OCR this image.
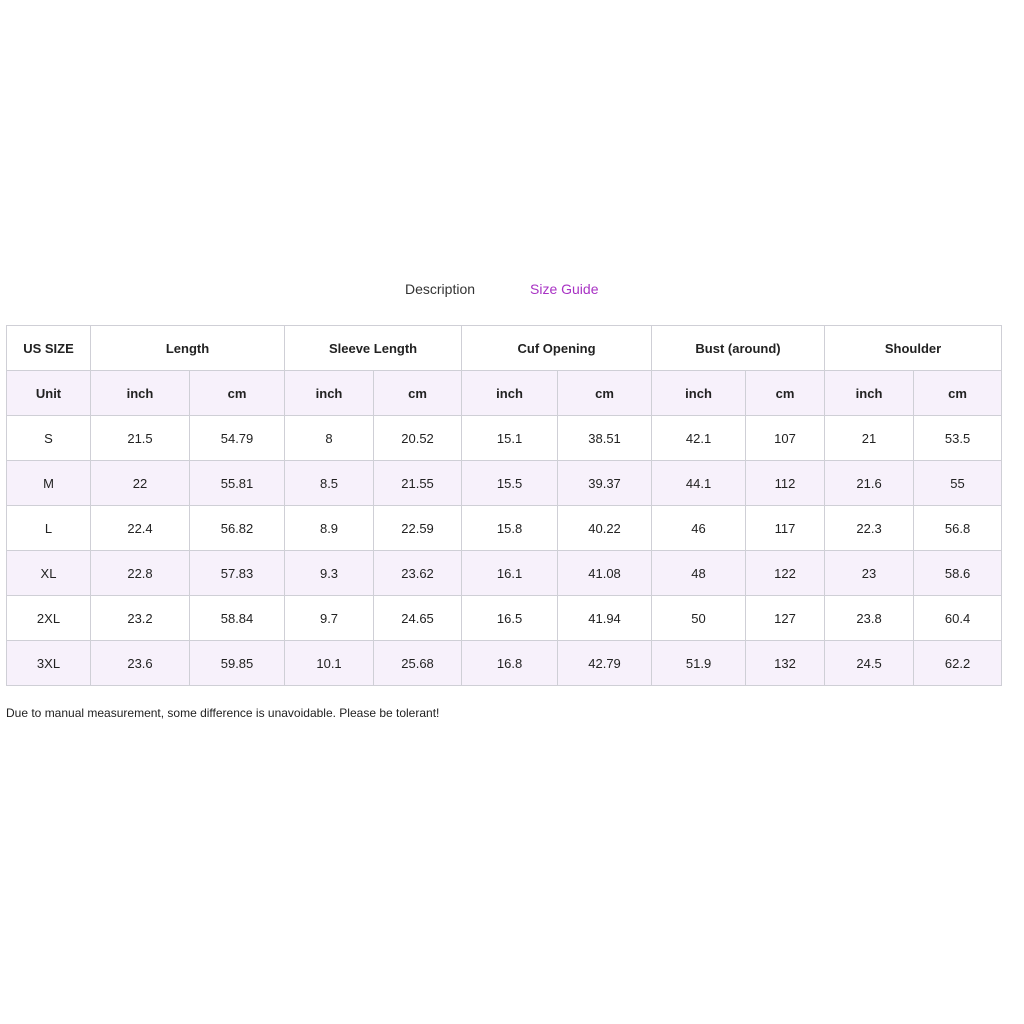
Description	Size Guide
US SIZE	Length		Sleeve Length		Cuf Opening		Bust (around)		Shoulder	
Unit	inch	cm	inch	cm	inch	cm	inch	cm	inch	cm
S	21.5	54.79	8	20.52	15.1	38.51	42.1	107	21	53.5
M	22	55.81	8.5	21.55	15.5	39.37	44.1	112	21.6	55
L	22.4	56.82	8.9	22.59	15.8	40.22	46	117	22.3	56.8
XL	22.8	57.83	9.3	23.62	16.1	41.08	48	122	23	58.6
2XL	23.2	58.84	9.7	24.65	16.5	41.94	50	127	23.8	60.4
3XL	23.6	59.85	10.1	25.68	16.8	42.79	51.9	132	24.5	62.2
Due to manual measurement, some difference is unavoidable. Please be tolerant!
